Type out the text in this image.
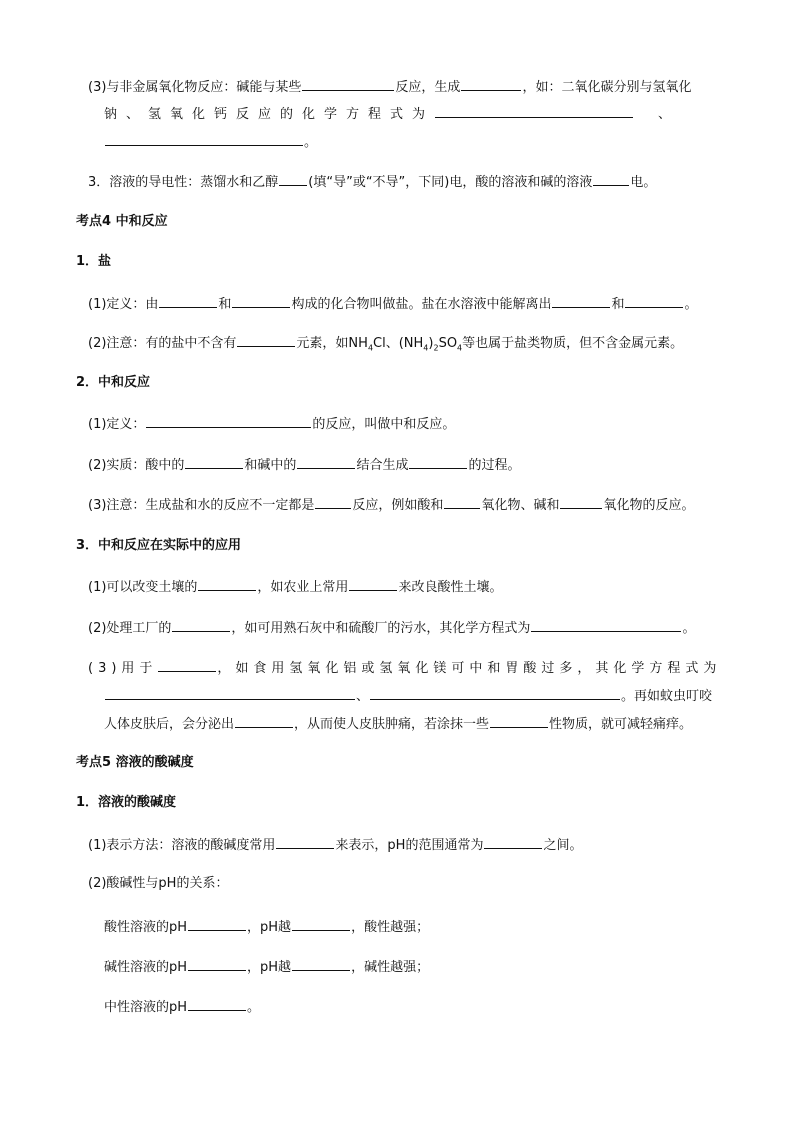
(3)与非金属氧化物反应：碱能与某些	反应，生成	，如：二氧化碳分别与氢氧化
钠、氢氧化钙反应的化学方程式为	、
。
3．溶液的导电性：蒸馏水和乙醇 (填“导”或“不导”，下同)电，酸的溶液和碱的溶液	电。
考点4 中和反应
1．盐
(1)定义：由	和	构成的化合物叫做盐。盐在水溶液中能解离出	和	。
(2)注意：有的盐中不含有	元素，如$NH_4Cl$、$(NH_4)_2SO_4$等也属于盐类物质，但不含金属元素。
2．中和反应
(1)定义：	的反应，叫做中和反应。
(2)实质：酸中的	和碱中的	结合生成	的过程。
(3)注意：生成盐和水的反应不一定都是	反应，例如酸和	氧化物、碱和	氧化物的反应。
3．中和反应在实际中的应用
(1)可以改变土壤的	，如农业上常用	来改良酸性土壤。
(2)处理工厂的	，如可用熟石灰中和硫酸厂的污水，其化学方程式为	。
(3)用于	，如食用氢氧化铝或氢氧化镁可中和胃酸过多，其化学方程式为
、	。再如蚊虫叮咬
人体皮肤后，会分泌出	，从而使人皮肤肿痛，若涂抹一些	性物质，就可减轻痛痒。
考点5 溶液的酸碱度
1．溶液的酸碱度
(1)表示方法：溶液的酸碱度常用	来表示，pH的范围通常为	之间。
(2)酸碱性与pH的关系：
酸性溶液的pH	，pH越	，酸性越强；
碱性溶液的pH	，pH越	，碱性越强；
中性溶液的pH	。
